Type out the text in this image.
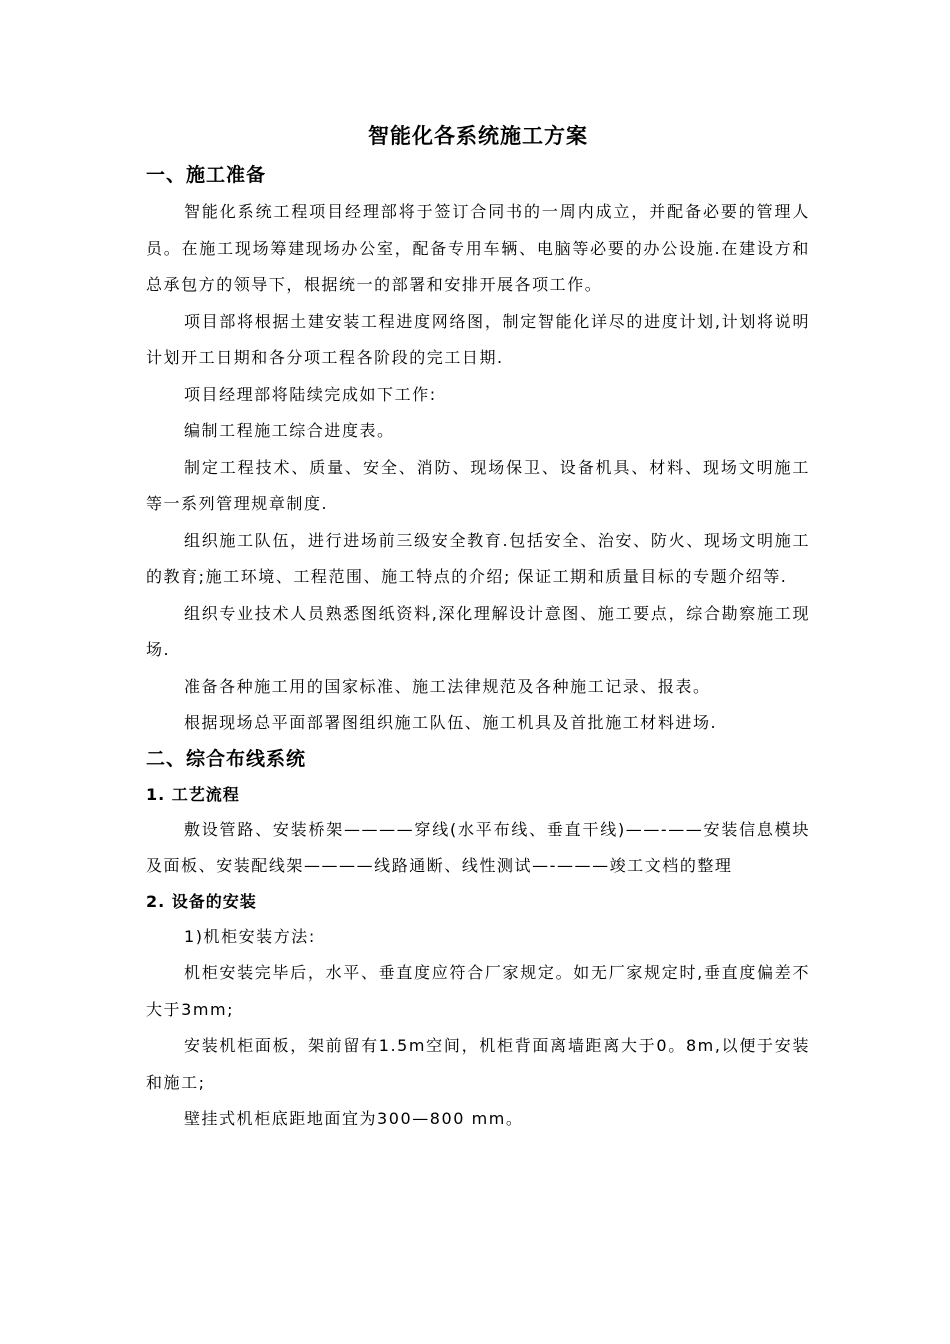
智能化各系统施工方案
一、施工准备

智能化系统工程项目经理部将于签订合同书的一周内成立，并配备必要的管理人员。在施工现场筹建现场办公室，配备专用车辆、电脑等必要的办公设施.在建设方和总承包方的领导下，根据统一的部署和安排开展各项工作。

项目部将根据土建安装工程进度网络图，制定智能化详尽的进度计划,计划将说明计划开工日期和各分项工程各阶段的完工日期.

项目经理部将陆续完成如下工作:

编制工程施工综合进度表。

制定工程技术、质量、安全、消防、现场保卫、设备机具、材料、现场文明施工等一系列管理规章制度.

组织施工队伍，进行进场前三级安全教育.包括安全、治安、防火、现场文明施工的教育;施工环境、工程范围、施工特点的介绍; 保证工期和质量目标的专题介绍等.

组织专业技术人员熟悉图纸资料,深化理解设计意图、施工要点，综合勘察施工现场.

准备各种施工用的国家标准、施工法律规范及各种施工记录、报表。

根据现场总平面部署图组织施工队伍、施工机具及首批施工材料进场.

二、综合布线系统
1. 工艺流程

敷设管路、安装桥架————穿线(水平布线、垂直干线)——-——安装信息模块及面板、安装配线架————线路通断、线性测试—-———竣工文档的整理

2. 设备的安装

1)机柜安装方法:

机柜安装完毕后，水平、垂直度应符合厂家规定。如无厂家规定时,垂直度偏差不大于3mm;

安装机柜面板，架前留有1.5m空间，机柜背面离墙距离大于0。8m,以便于安装和施工;

壁挂式机柜底距地面宜为300—800 mm。
